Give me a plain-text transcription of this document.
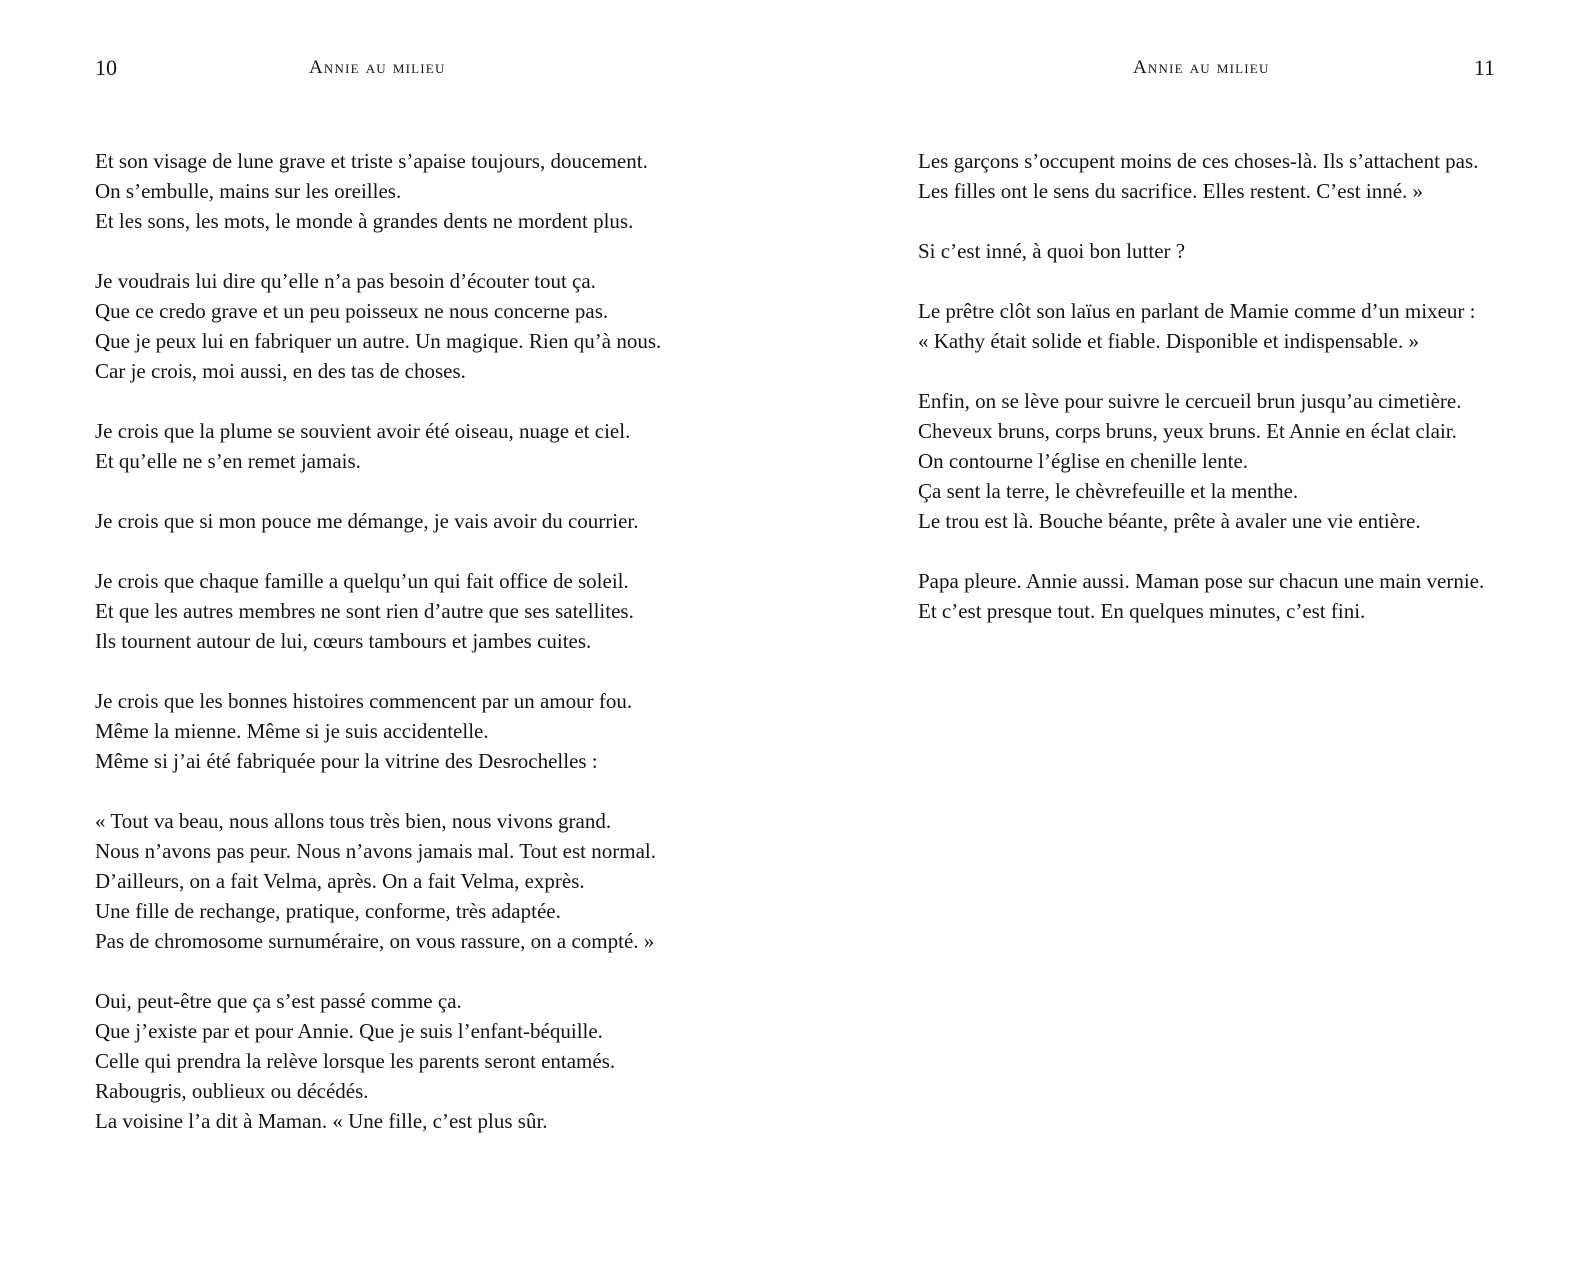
10	Annie au milieu
Et son visage de lune grave et triste s’apaise toujours, doucement.
On s’embulle, mains sur les oreilles.
Et les sons, les mots, le monde à grandes dents ne mordent plus.
Je voudrais lui dire qu’elle n’a pas besoin d’écouter tout ça.
Que ce credo grave et un peu poisseux ne nous concerne pas.
Que je peux lui en fabriquer un autre. Un magique. Rien qu’à nous.
Car je crois, moi aussi, en des tas de choses.
Je crois que la plume se souvient avoir été oiseau, nuage et ciel.
Et qu’elle ne s’en remet jamais.
Je crois que si mon pouce me démange, je vais avoir du courrier.
Je crois que chaque famille a quelqu’un qui fait office de soleil.
Et que les autres membres ne sont rien d’autre que ses satellites.
Ils tournent autour de lui, cœurs tambours et jambes cuites.
Je crois que les bonnes histoires commencent par un amour fou.
Même la mienne. Même si je suis accidentelle.
Même si j’ai été fabriquée pour la vitrine des Desrochelles :
« Tout va beau, nous allons tous très bien, nous vivons grand.
Nous n’avons pas peur. Nous n’avons jamais mal. Tout est normal.
D’ailleurs, on a fait Velma, après. On a fait Velma, exprès.
Une fille de rechange, pratique, conforme, très adaptée.
Pas de chromosome surnuméraire, on vous rassure, on a compté. »
Oui, peut-être que ça s’est passé comme ça.
Que j’existe par et pour Annie. Que je suis l’enfant-béquille.
Celle qui prendra la relève lorsque les parents seront entamés.
Rabougris, oublieux ou décédés.
La voisine l’a dit à Maman. « Une fille, c’est plus sûr.
Annie au milieu	11
Les garçons s’occupent moins de ces choses-là. Ils s’attachent pas.
Les filles ont le sens du sacrifice. Elles restent. C’est inné. »
Si c’est inné, à quoi bon lutter ?
Le prêtre clôt son laïus en parlant de Mamie comme d’un mixeur :
« Kathy était solide et fiable. Disponible et indispensable. »
Enfin, on se lève pour suivre le cercueil brun jusqu’au cimetière.
Cheveux bruns, corps bruns, yeux bruns. Et Annie en éclat clair.
On contourne l’église en chenille lente.
Ça sent la terre, le chèvrefeuille et la menthe.
Le trou est là. Bouche béante, prête à avaler une vie entière.
Papa pleure. Annie aussi. Maman pose sur chacun une main vernie.
Et c’est presque tout. En quelques minutes, c’est fini.
